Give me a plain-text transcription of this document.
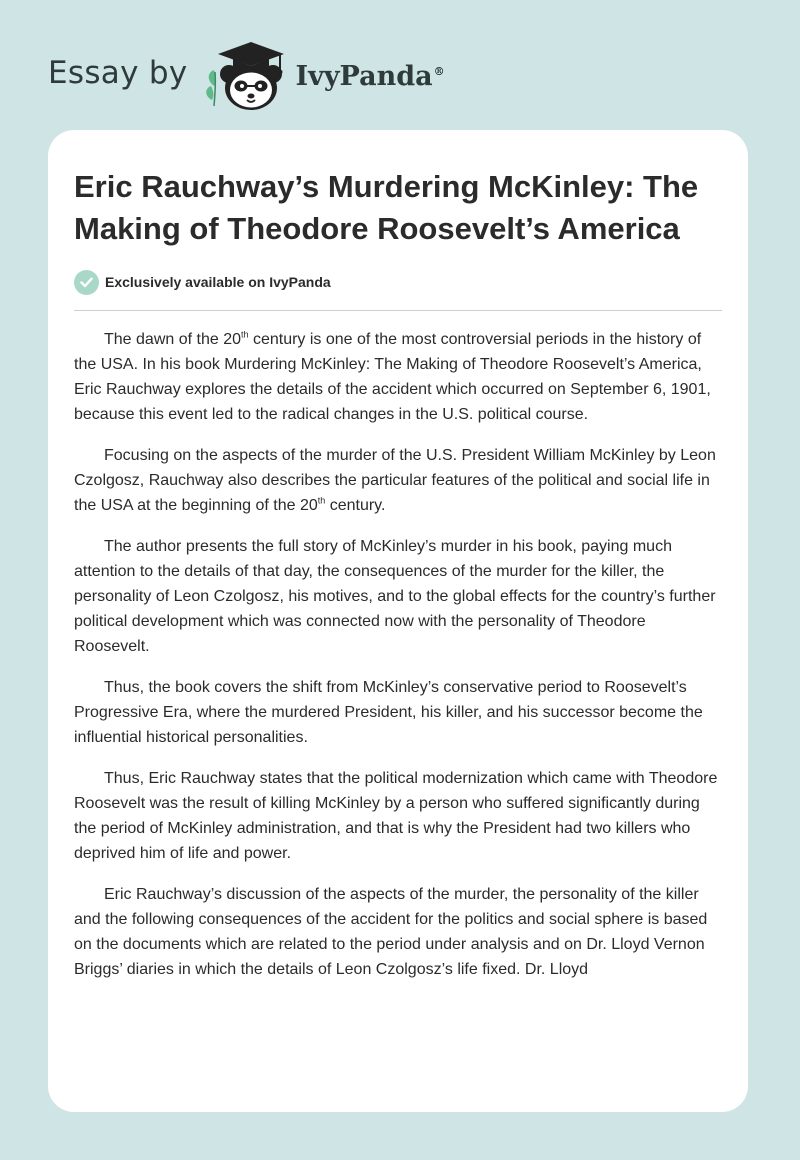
Essay by	IvyPanda®
Eric Rauchway’s Murdering McKinley: The Making of Theodore Roosevelt’s America
Exclusively available on IvyPanda

The dawn of the 20th century is one of the most controversial periods in the history of the USA. In his book Murdering McKinley: The Making of Theodore Roosevelt’s America, Eric Rauchway explores the details of the accident which occurred on September 6, 1901, because this event led to the radical changes in the U.S. political course.

Focusing on the aspects of the murder of the U.S. President William McKinley by Leon Czolgosz, Rauchway also describes the particular features of the political and social life in the USA at the beginning of the 20th century.

The author presents the full story of McKinley’s murder in his book, paying much attention to the details of that day, the consequences of the murder for the killer, the personality of Leon Czolgosz, his motives, and to the global effects for the country’s further political development which was connected now with the personality of Theodore Roosevelt.

Thus, the book covers the shift from McKinley’s conservative period to Roosevelt’s Progressive Era, where the murdered President, his killer, and his successor become the influential historical personalities.

Thus, Eric Rauchway states that the political modernization which came with Theodore Roosevelt was the result of killing McKinley by a person who suffered significantly during the period of McKinley administration, and that is why the President had two killers who deprived him of life and power.

Eric Rauchway’s discussion of the aspects of the murder, the personality of the killer and the following consequences of the accident for the politics and social sphere is based on the documents which are related to the period under analysis and on Dr. Lloyd Vernon Briggs’ diaries in which the details of Leon Czolgosz’s life fixed. Dr. Lloyd
